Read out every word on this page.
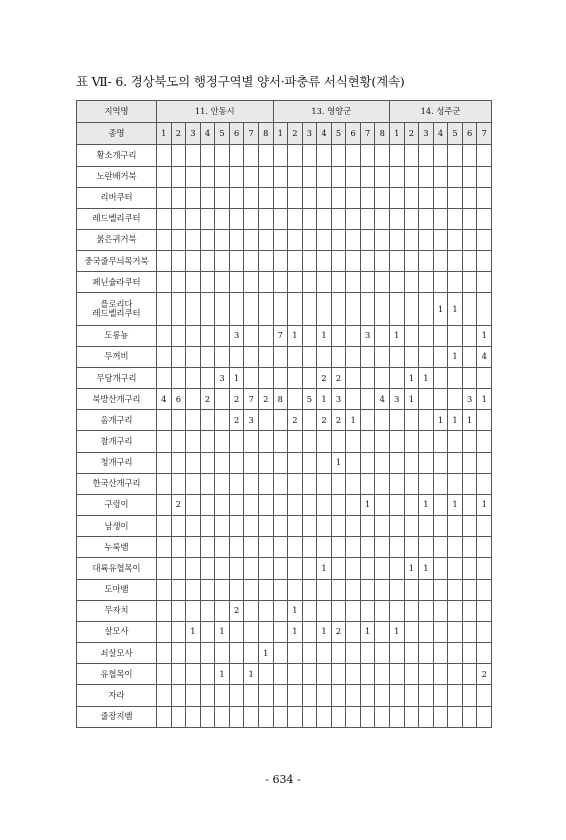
표 Ⅶ- 6. 경상북도의 행정구역별 양서·파충류 서식현황(계속)
지역명	11. 안동시								13. 영양군								14. 성주군						
종명	1	2	3	4	5	6	7	8	1	2	3	4	5	6	7	8	1	2	3	4	5	6	7
황소개구리																							
노란배거북																							
리버쿠터																							
레드벨리쿠터																							
붉은귀거북																							
중국줄무늬목거북																							
페닌슐라쿠터																							
플로리다
레드벨리쿠터																				1	1		
도롱뇽						3			7	1		1			3		1						1
두꺼비																					1		4
무당개구리					3	1						2	2					1	1				
북방산개구리	4	6		2		2	7	2	8		5	1	3			4	3	1				3	1
옴개구리						2	3			2		2	2	1						1	1	1	
참개구리																							
청개구리													1										
한국산개구리																							
구렁이		2													1				1		1		1
남생이																							
누룩뱀																							
대륙유혈목이												1						1	1				
도마뱀																							
무자치						2				1													
살모사			1		1					1		1	2		1		1						
쇠살모사								1															
유혈목이					1		1																2
자라																							
줄장지뱀																							
- 634 -
